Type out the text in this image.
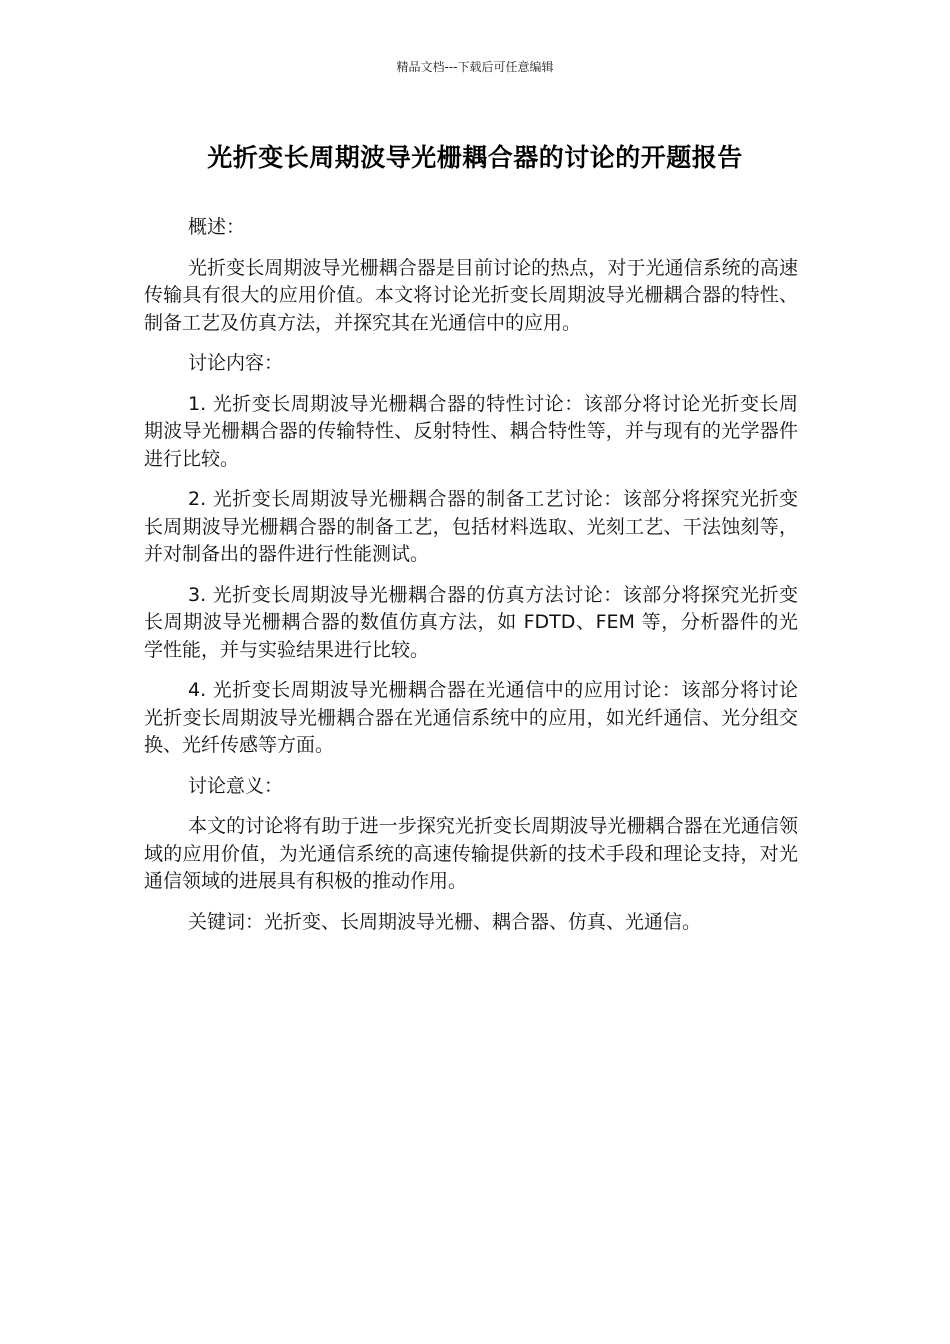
精品文档---下载后可任意编辑
光折变长周期波导光栅耦合器的讨论的开题报告

概述：

光折变长周期波导光栅耦合器是目前讨论的热点，对于光通信系统的高速传输具有很大的应用价值。本文将讨论光折变长周期波导光栅耦合器的特性、制备工艺及仿真方法，并探究其在光通信中的应用。

讨论内容：

1. 光折变长周期波导光栅耦合器的特性讨论：该部分将讨论光折变长周期波导光栅耦合器的传输特性、反射特性、耦合特性等，并与现有的光学器件进行比较。

2. 光折变长周期波导光栅耦合器的制备工艺讨论：该部分将探究光折变长周期波导光栅耦合器的制备工艺，包括材料选取、光刻工艺、干法蚀刻等，并对制备出的器件进行性能测试。

3. 光折变长周期波导光栅耦合器的仿真方法讨论：该部分将探究光折变长周期波导光栅耦合器的数值仿真方法，如 FDTD、FEM 等，分析器件的光学性能，并与实验结果进行比较。

4. 光折变长周期波导光栅耦合器在光通信中的应用讨论：该部分将讨论光折变长周期波导光栅耦合器在光通信系统中的应用，如光纤通信、光分组交换、光纤传感等方面。

讨论意义：

本文的讨论将有助于进一步探究光折变长周期波导光栅耦合器在光通信领域的应用价值，为光通信系统的高速传输提供新的技术手段和理论支持，对光通信领域的进展具有积极的推动作用。

关键词：光折变、长周期波导光栅、耦合器、仿真、光通信。
